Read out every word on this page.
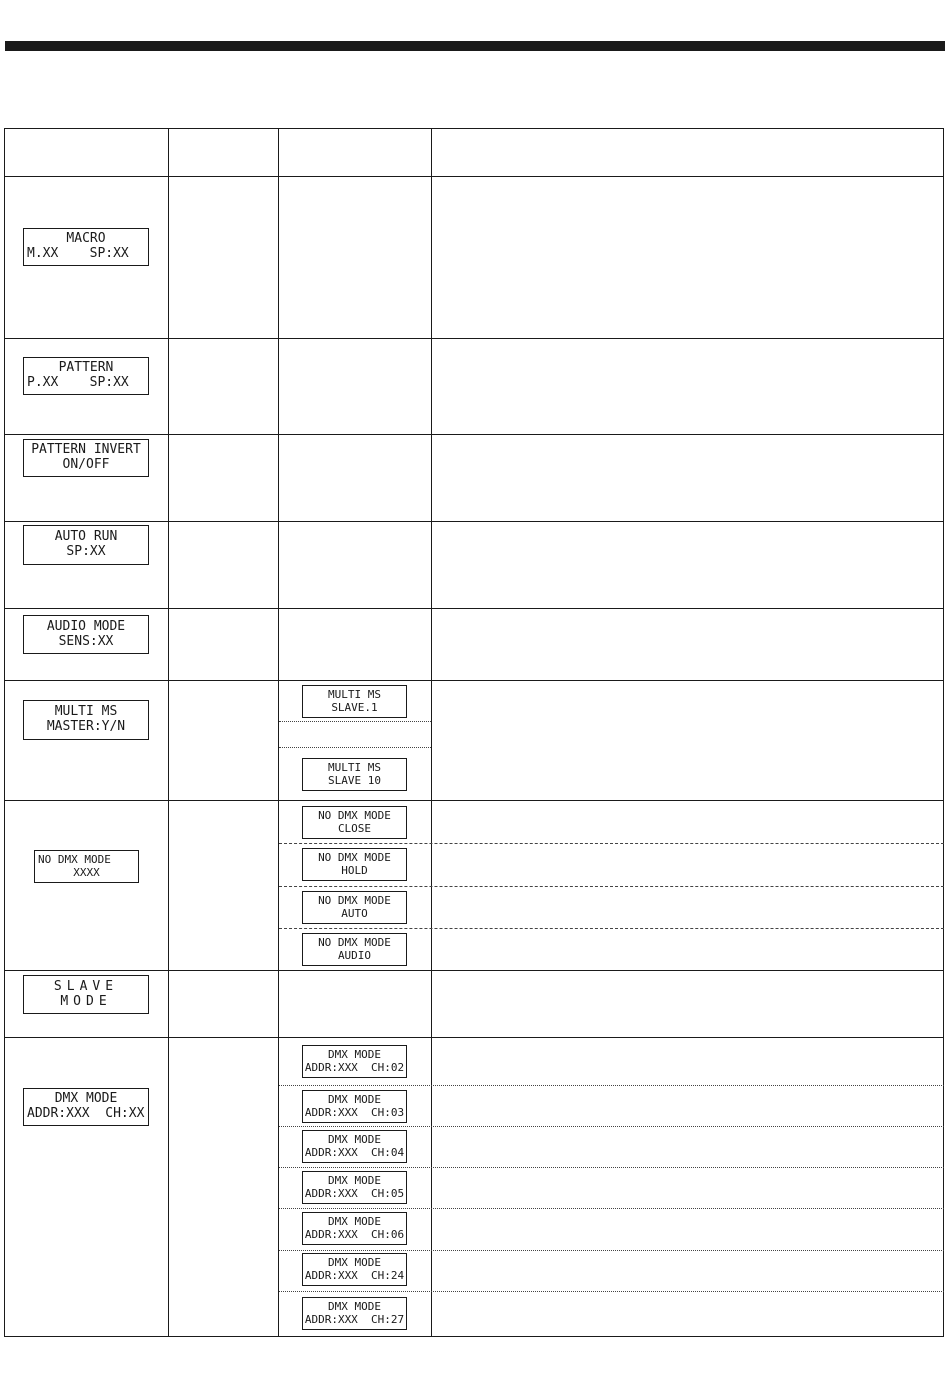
MACRO
M.XX    SP:XX
PATTERN
P.XX    SP:XX
PATTERN INVERT
ON/OFF
AUTO RUN
SP:XX
AUDIO MODE
SENS:XX
MULTI MS
MASTER:Y/N
NO DMX MODE
XXXX
SLAVE
MODE
DMX MODE
ADDR:XXX  CH:XX
MULTI MS
SLAVE.1
MULTI MS
SLAVE 10
NO DMX MODE
CLOSE
NO DMX MODE
HOLD
NO DMX MODE
AUTO
NO DMX MODE
AUDIO
DMX MODE
ADDR:XXX  CH:02
DMX MODE
ADDR:XXX  CH:03
DMX MODE
ADDR:XXX  CH:04
DMX MODE
ADDR:XXX  CH:05
DMX MODE
ADDR:XXX  CH:06
DMX MODE
ADDR:XXX  CH:24
DMX MODE
ADDR:XXX  CH:27
